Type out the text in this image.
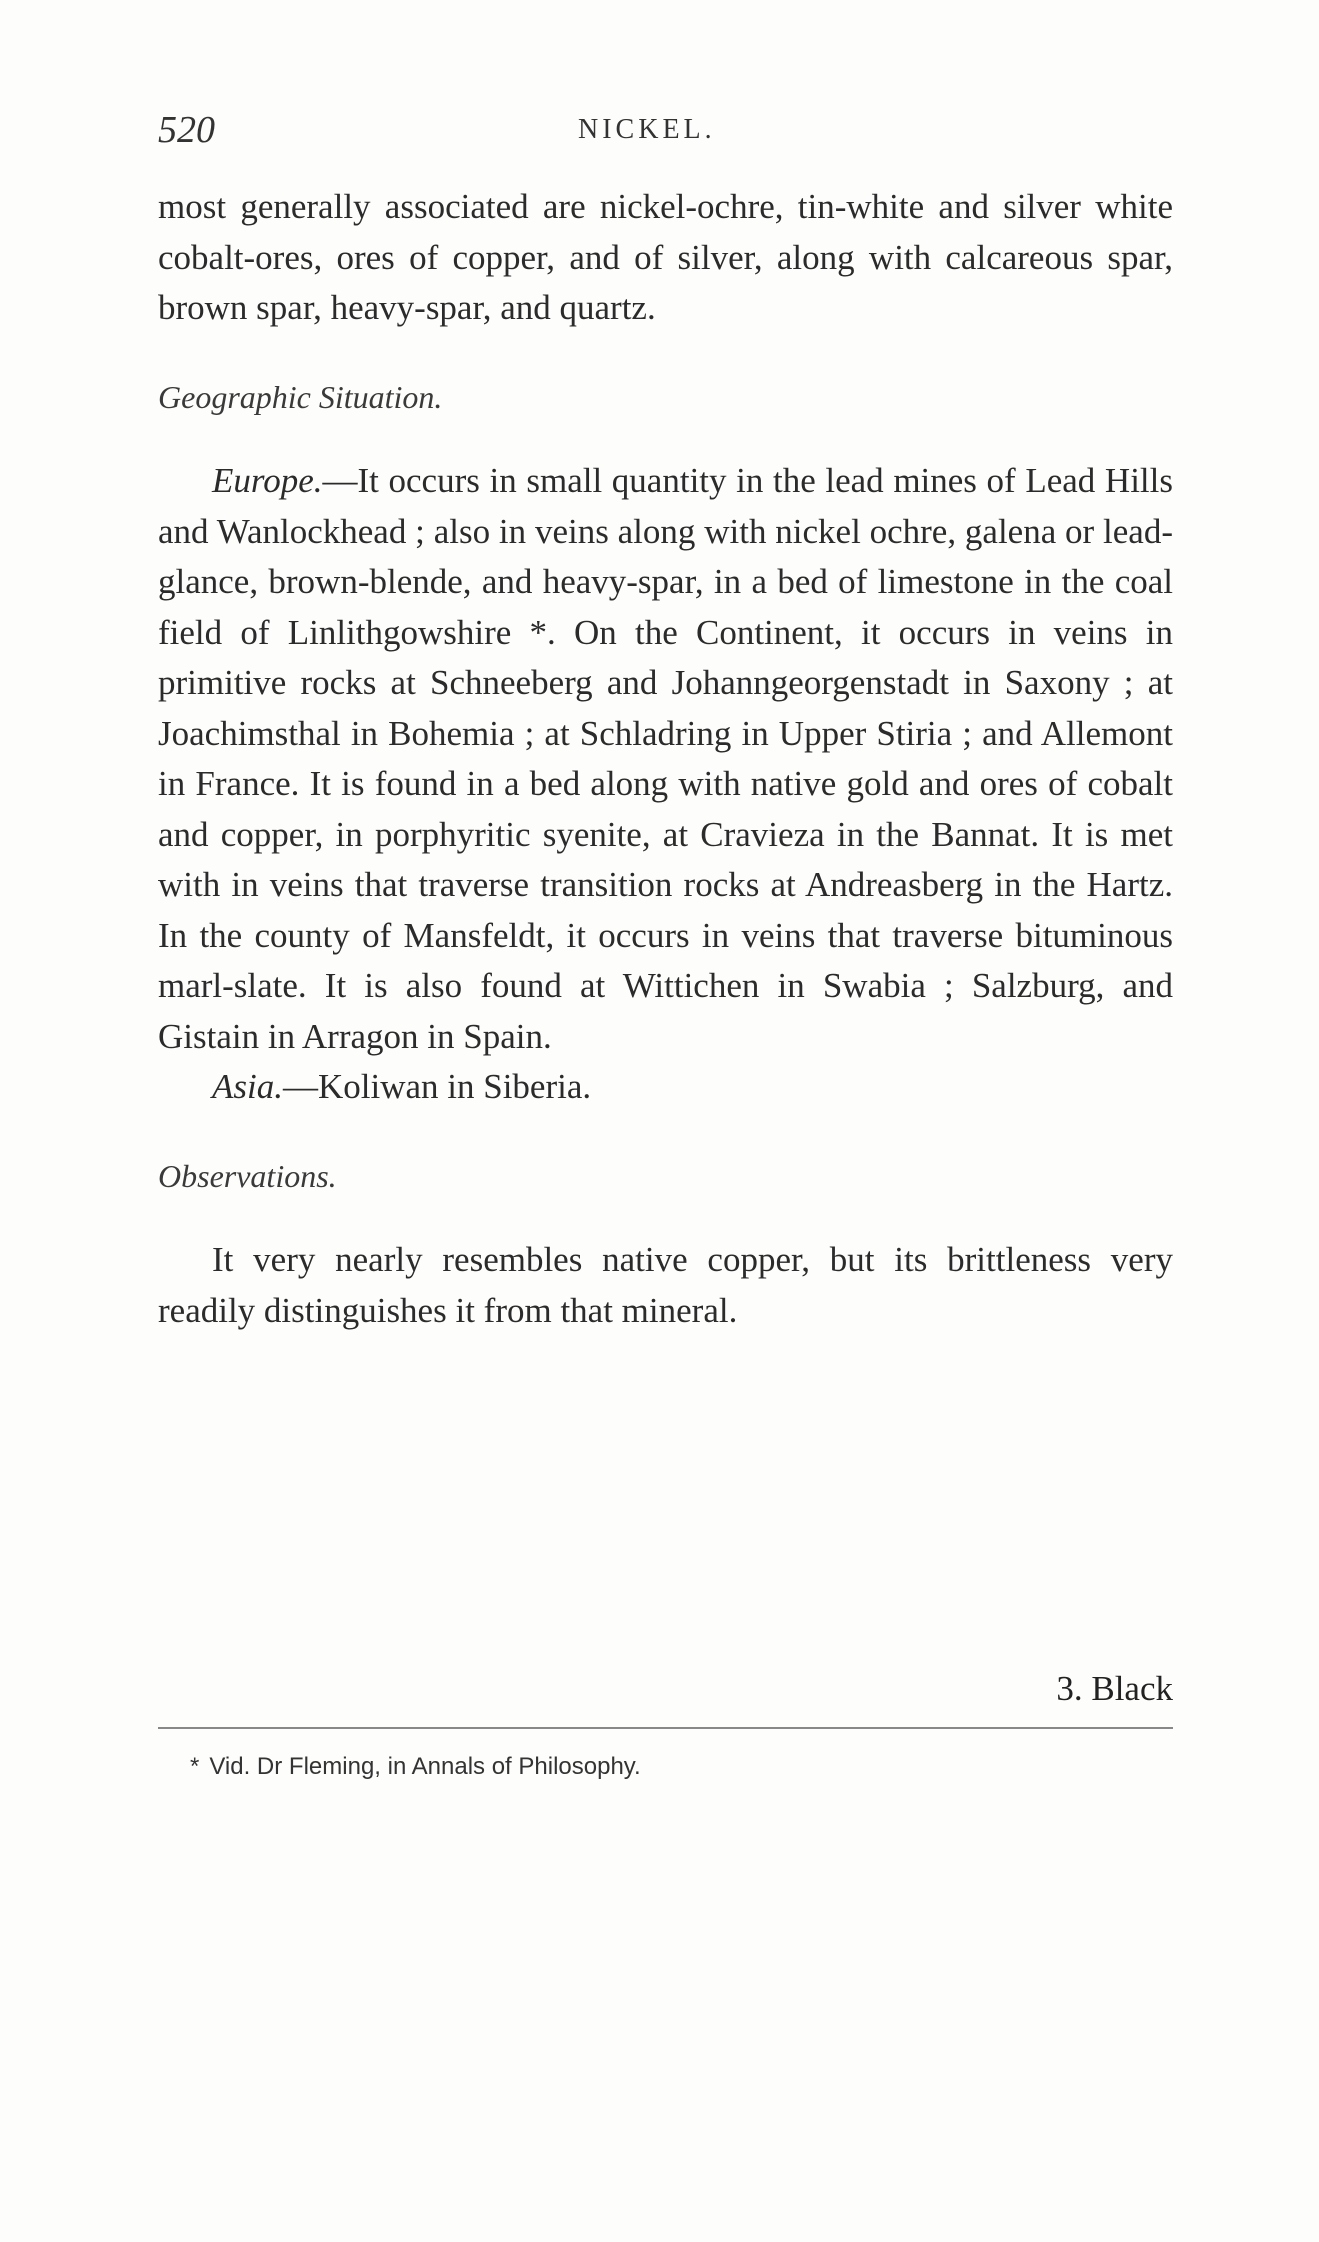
520	NICKEL.

most generally associated are nickel-ochre, tin-white and silver white cobalt-ores, ores of copper, and of silver, along with calcareous spar, brown spar, heavy-spar, and quartz.

Geographic Situation.

Europe.—It occurs in small quantity in the lead mines of Lead Hills and Wanlockhead ; also in veins along with nickel ochre, galena or lead-glance, brown-blende, and heavy-spar, in a bed of limestone in the coal field of Linlithgowshire *. On the Continent, it occurs in veins in primitive rocks at Schneeberg and Johanngeorgenstadt in Saxony ; at Joachimsthal in Bohemia ; at Schladring in Upper Stiria ; and Allemont in France. It is found in a bed along with native gold and ores of cobalt and copper, in porphyritic syenite, at Cravieza in the Bannat. It is met with in veins that traverse transition rocks at Andreasberg in the Hartz. In the county of Mansfeldt, it occurs in veins that traverse bituminous marl-slate. It is also found at Wittichen in Swabia ; Salzburg, and Gistain in Arragon in Spain.

Asia.—Koliwan in Siberia.

Observations.

It very nearly resembles native copper, but its brittleness very readily distinguishes it from that mineral.

3. Black
* Vid. Dr Fleming, in Annals of Philosophy.
